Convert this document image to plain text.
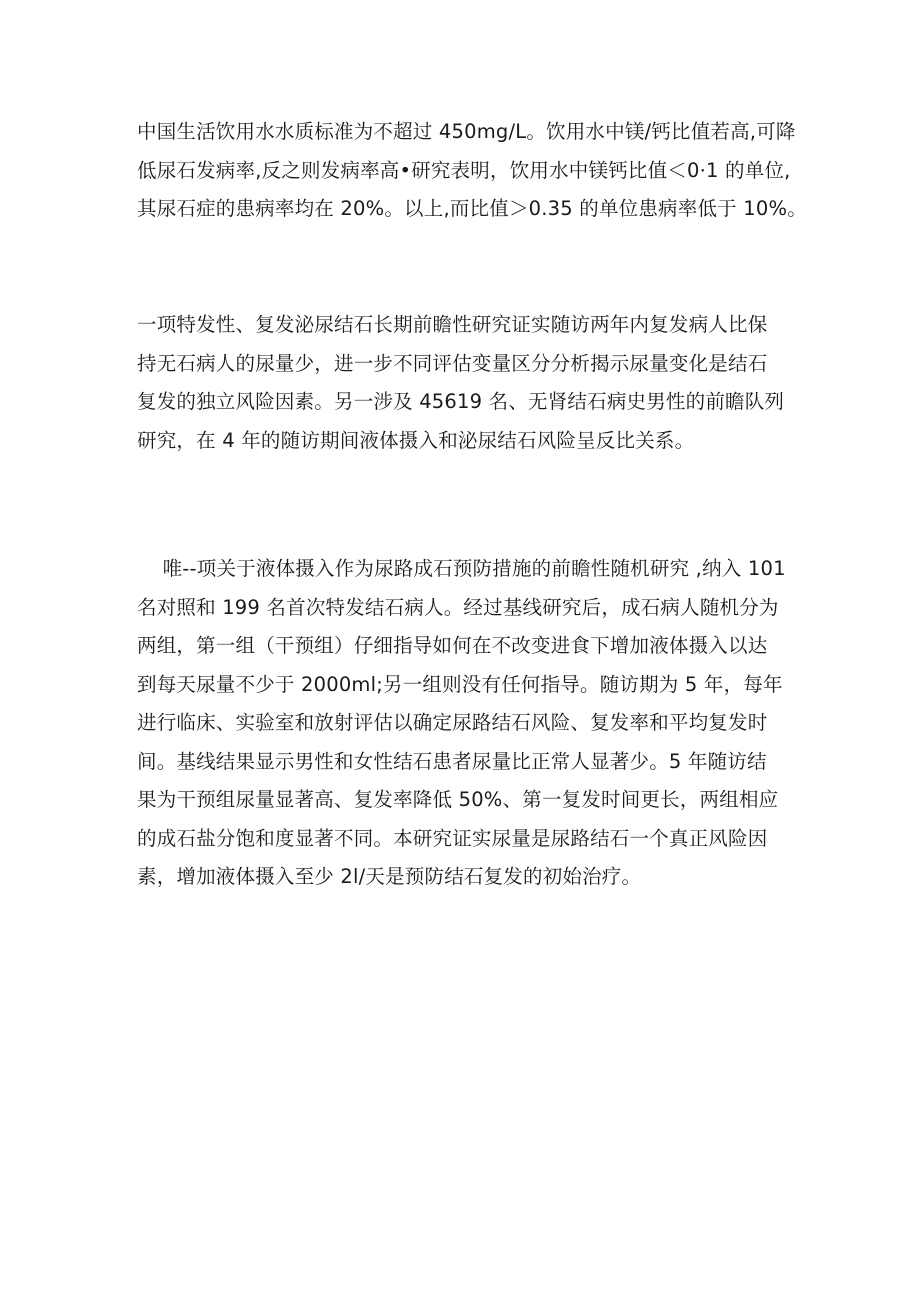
中国生活饮用水水质标准为不超过 450mg/L。饮用水中镁/钙比值若高,可降
低尿石发病率,反之则发病率高•研究表明，饮用水中镁钙比值＜0·1 的单位,
其尿石症的患病率均在 20%。以上,而比值＞0.35 的单位患病率低于 10%。
一项特发性、复发泌尿结石长期前瞻性研究证实随访两年内复发病人比保
持无石病人的尿量少，进一步不同评估变量区分分析揭示尿量变化是结石
复发的独立风险因素。另一涉及 45619 名、无肾结石病史男性的前瞻队列
研究，在 4 年的随访期间液体摄入和泌尿结石风险呈反比关系。
唯--项关于液体摄入作为尿路成石预防措施的前瞻性随机研究 ,纳入 101
名对照和 199 名首次特发结石病人。经过基线研究后，成石病人随机分为
两组，第一组（干预组）仔细指导如何在不改变进食下增加液体摄入以达
到每天尿量不少于 2000ml;另一组则没有任何指导。随访期为 5 年，每年
进行临床、实验室和放射评估以确定尿路结石风险、复发率和平均复发时
间。基线结果显示男性和女性结石患者尿量比正常人显著少。5 年随访结
果为干预组尿量显著高、复发率降低 50%、第一复发时间更长，两组相应
的成石盐分饱和度显著不同。本研究证实尿量是尿路结石一个真正风险因
素，增加液体摄入至少 2l/天是预防结石复发的初始治疗。
